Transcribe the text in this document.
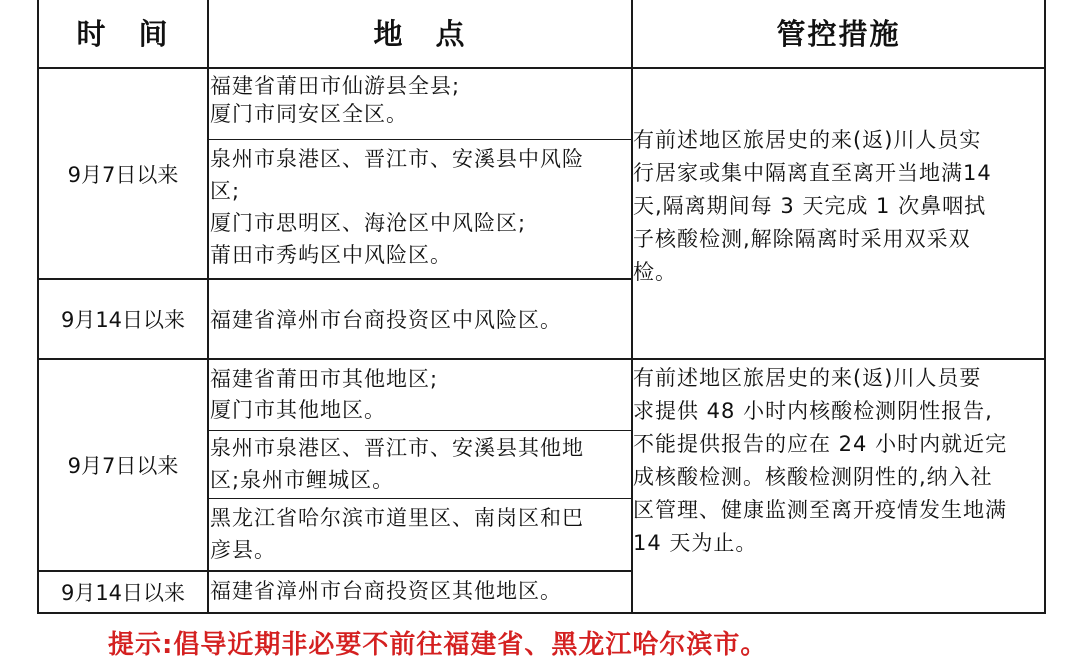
时　间	地　点	管控措施
9月7日以来
9月14日以来
9月7日以来
9月14日以来
福建省莆田市仙游县全县;
厦门市同安区全区。
泉州市泉港区、晋江市、安溪县中风险
区;
厦门市思明区、海沧区中风险区;
莆田市秀屿区中风险区。
福建省漳州市台商投资区中风险区。
福建省莆田市其他地区;
厦门市其他地区。
泉州市泉港区、晋江市、安溪县其他地
区;泉州市鲤城区。
黑龙江省哈尔滨市道里区、南岗区和巴
彦县。
福建省漳州市台商投资区其他地区。
有前述地区旅居史的来(返)川人员实
行居家或集中隔离直至离开当地满14
天,隔离期间每 3 天完成 1 次鼻咽拭
子核酸检测,解除隔离时采用双采双
检。
有前述地区旅居史的来(返)川人员要
求提供 48 小时内核酸检测阴性报告,
不能提供报告的应在 24 小时内就近完
成核酸检测。核酸检测阴性的,纳入社
区管理、健康监测至离开疫情发生地满
14 天为止。
提示:倡导近期非必要不前往福建省、黑龙江哈尔滨市。
